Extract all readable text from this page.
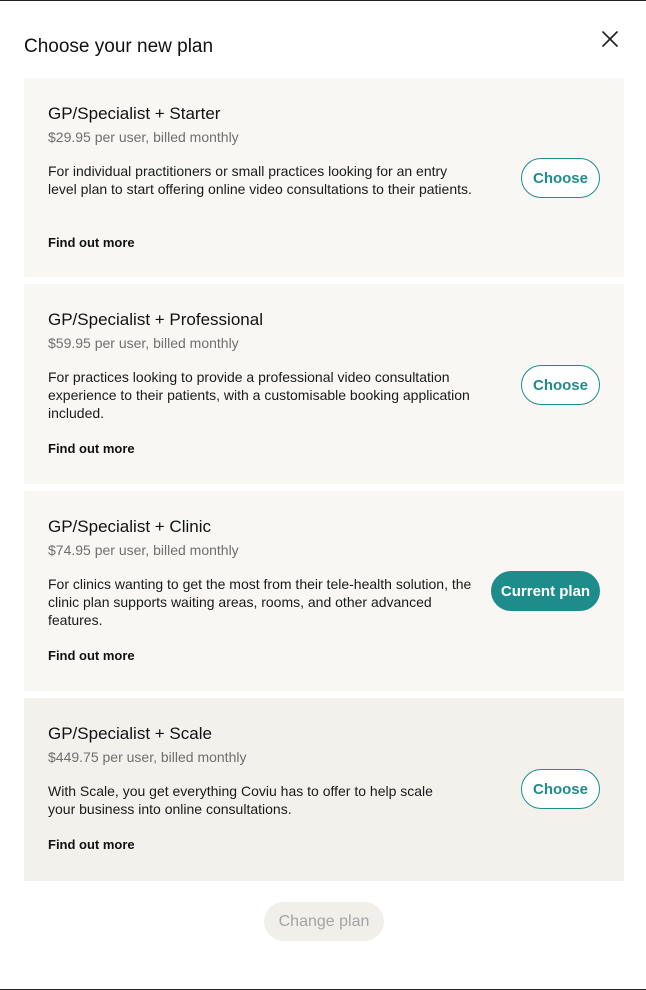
Choose your new plan
GP/Specialist + Starter
$29.95 per user, billed monthly

For individual practitioners or small practices looking for an entry level plan to start offering online video consultations to their patients.

Find out more
Choose
GP/Specialist + Professional
$59.95 per user, billed monthly

For practices looking to provide a professional video consultation experience to their patients, with a customisable booking application included.

Find out more
Choose
GP/Specialist + Clinic
$74.95 per user, billed monthly

For clinics wanting to get the most from their tele-health solution, the clinic plan supports waiting areas, rooms, and other advanced features.

Find out more
Current plan
GP/Specialist + Scale
$449.75 per user, billed monthly

With Scale, you get everything Coviu has to offer to help scale your business into online consultations.

Find out more
Choose
Change plan
